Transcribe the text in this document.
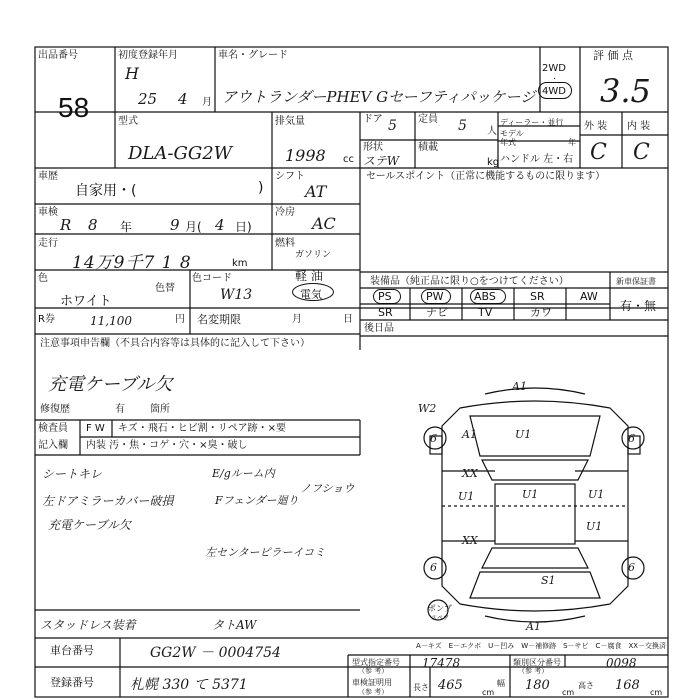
出品番号
58
初度登録年月
H
25 4 月
車名・グレード
アウトランダーPHEV Gセーフティパッケージ
2WD
·
4WD
評 価 点
3.5
型式
DLA-GG2W
排気量
1998 cc
ドア 5 定員 5 人
形状
ステW
積載
kg
ディーラー・並行
モデル
年式	年
ハンドル 左・右
外 装 内 装
C C
車歴
自家用・(	)
シフト
AT
セールスポイント（正常に機能するものに限ります）
車検
R 8 年	9 月( 4 日)
冷房
AC
走行
14万9千7 1 8	km
燃料
ガソリン
軽 油
電気
色
ホワイト
色替
色コード
W13
装備品（純正品に限り○をつけてください）
PS	PW	ABS	SR	AW
SR	ナビ	TV	カワ
新車保証書
有・無
後日品
R券	11,100	円 名変期限	月	日
注意事項申告欄（不具合内容等は具体的に記入して下さい）
充電ケーブル欠
修復歴	有	箇所
検査員
記入欄
F W キズ・飛石・ヒビ割・リペア跡・×要
内装 汚・焦・コゲ・穴・×臭・破し
シートキレ
左ドアミラーカバー破損
充電ケーブル欠
E/gルーム内
Fフェンダー廻り
ノフショウ
左センターピラーイコミ
スタッドレス装着	タトAW
A1
W2
A1	U1
XX
U1	U1	U1
XX
U1
S1
A1
6	6
6	6
ポンプ
スペア
A－キズ　E－エクボ　U－凹み　W－補修跡　S－サビ　C－腐食　XX－交換済
車台番号	GG2W － 0004754
登録番号	札幌 330 て 5371
型式指定番号
（参 考）
17478	類別区分番号
（参 考）
0098
車検証明用
（参 考）	長さ 465 cm
幅 180 cm
高さ 168 cm
